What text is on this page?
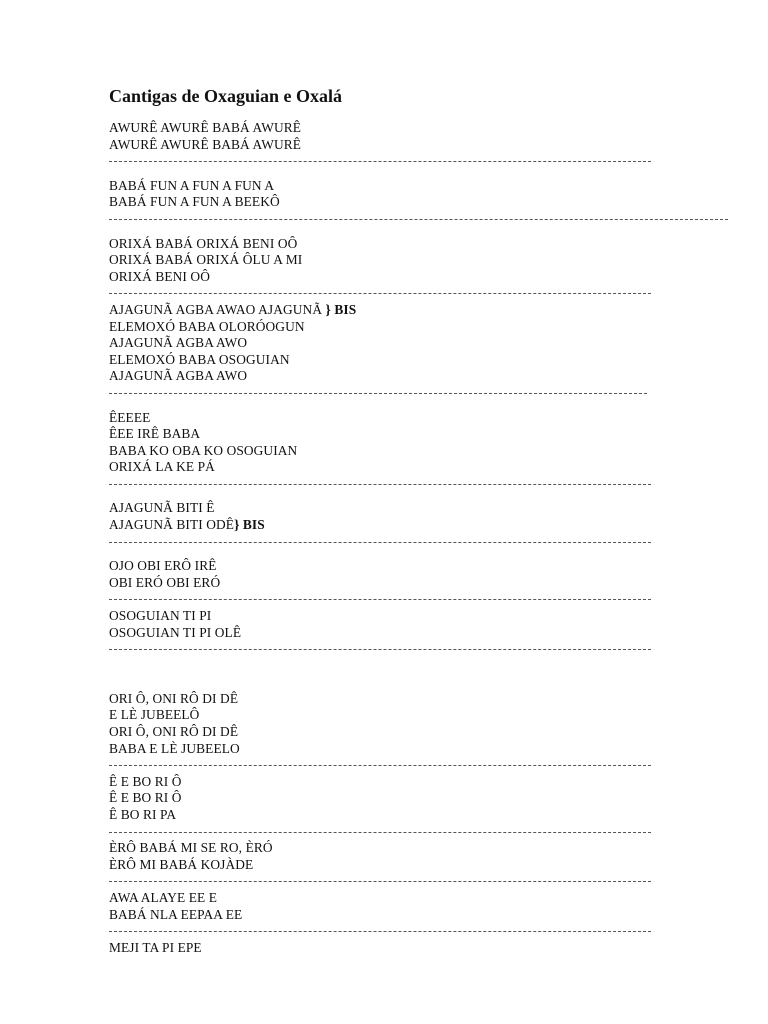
Cantigas de Oxaguian e Oxalá
AWURÊ AWURÊ BABÁ AWURÊ
AWURÊ AWURÊ BABÁ AWURÊ
BABÁ FUN A FUN A FUN A
BABÁ FUN A FUN A BEEKÔ
ORIXÁ BABÁ ORIXÁ BENI OÔ
ORIXÁ BABÁ ORIXÁ ÔLU A MI
ORIXÁ BENI OÔ
AJAGUNÃ AGBA AWAO AJAGUNÃ } BIS
ELEMOXÓ BABA OLORÓOGUN
AJAGUNÃ AGBA AWO
ELEMOXÓ BABA OSOGUIAN
AJAGUNÃ AGBA AWO
ÊEEEE
ÊEE IRÊ BABA
BABA KO OBA KO OSOGUIAN
ORIXÁ LA KE PÁ
AJAGUNÃ BITI Ê
AJAGUNÃ BITI ODÊ} BIS
OJO OBI ERÔ IRÊ
OBI ERÓ OBI ERÓ
OSOGUIAN TI PI
OSOGUIAN TI PI OLÊ
ORI Ô, ONI RÔ DI DÊ
E LÈ JUBEELÔ
ORI Ô, ONI RÔ DI DÊ
BABA E LÈ JUBEELO
Ê E BO RI Ô
Ê E BO RI Ô
Ê BO RI PA
ÈRÔ BABÁ MI SE RO, ÈRÓ
ÈRÔ MI BABÁ KOJÀDE
AWA ALAYE EE E
BABÁ NLA EEPAA EE
MEJI TA PI EPE
